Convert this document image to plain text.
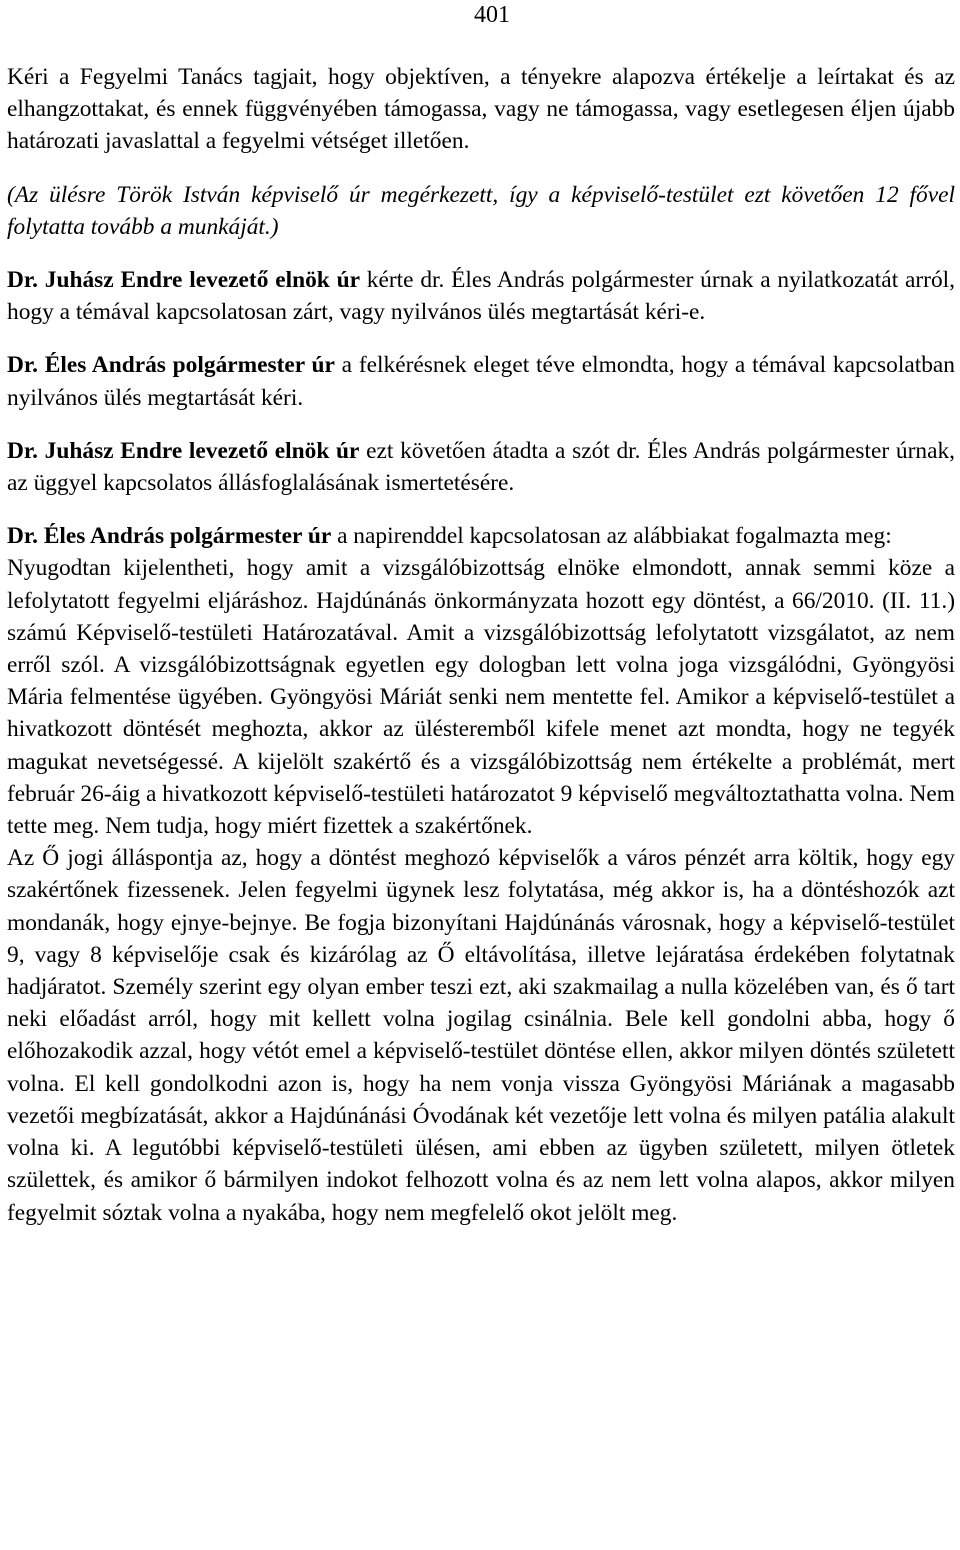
401

Kéri a Fegyelmi Tanács tagjait, hogy objektíven, a tényekre alapozva értékelje a leírtakat és az elhangzottakat, és ennek függvényében támogassa, vagy ne támogassa, vagy esetlegesen éljen újabb határozati javaslattal a fegyelmi vétséget illetően.

(Az ülésre Török István képviselő úr megérkezett, így a képviselő-testület ezt követően 12 fővel folytatta tovább a munkáját.)

Dr. Juhász Endre levezető elnök úr kérte dr. Éles András polgármester úrnak a nyilatkozatát arról, hogy a témával kapcsolatosan zárt, vagy nyilvános ülés megtartását kéri-e.

Dr. Éles András polgármester úr a felkérésnek eleget téve elmondta, hogy a témával kapcsolatban nyilvános ülés megtartását kéri.

Dr. Juhász Endre levezető elnök úr ezt követően átadta a szót dr. Éles András polgármester úrnak, az üggyel kapcsolatos állásfoglalásának ismertetésére.

Dr. Éles András polgármester úr a napirenddel kapcsolatosan az alábbiakat fogalmazta meg:

Nyugodtan kijelentheti, hogy amit a vizsgálóbizottság elnöke elmondott, annak semmi köze a lefolytatott fegyelmi eljáráshoz. Hajdúnánás önkormányzata hozott egy döntést, a 66/2010. (II. 11.) számú Képviselő-testületi Határozatával. Amit a vizsgálóbizottság lefolytatott vizsgálatot, az nem erről szól. A vizsgálóbizottságnak egyetlen egy dologban lett volna joga vizsgálódni, Gyöngyösi Mária felmentése ügyében. Gyöngyösi Máriát senki nem mentette fel. Amikor a képviselő-testület a hivatkozott döntését meghozta, akkor az ülésteremből kifele menet azt mondta, hogy ne tegyék magukat nevetségessé. A kijelölt szakértő és a vizsgálóbizottság nem értékelte a problémát, mert február 26-áig a hivatkozott képviselő-testületi határozatot 9 képviselő megváltoztathatta volna. Nem tette meg. Nem tudja, hogy miért fizettek a szakértőnek.

Az Ő jogi álláspontja az, hogy a döntést meghozó képviselők a város pénzét arra költik, hogy egy szakértőnek fizessenek. Jelen fegyelmi ügynek lesz folytatása, még akkor is, ha a döntéshozók azt mondanák, hogy ejnye-bejnye. Be fogja bizonyítani Hajdúnánás városnak, hogy a képviselő-testület 9, vagy 8 képviselője csak és kizárólag az Ő eltávolítása, illetve lejáratása érdekében folytatnak hadjáratot. Személy szerint egy olyan ember teszi ezt, aki szakmailag a nulla közelében van, és ő tart neki előadást arról, hogy mit kellett volna jogilag csinálnia. Bele kell gondolni abba, hogy ő előhozakodik azzal, hogy vétót emel a képviselő-testület döntése ellen, akkor milyen döntés született volna. El kell gondolkodni azon is, hogy ha nem vonja vissza Gyöngyösi Máriának a magasabb vezetői megbízatását, akkor a Hajdúnánási Óvodának két vezetője lett volna és milyen patália alakult volna ki. A legutóbbi képviselő-testületi ülésen, ami ebben az ügyben született, milyen ötletek születtek, és amikor ő bármilyen indokot felhozott volna és az nem lett volna alapos, akkor milyen fegyelmit sóztak volna a nyakába, hogy nem megfelelő okot jelölt meg.
